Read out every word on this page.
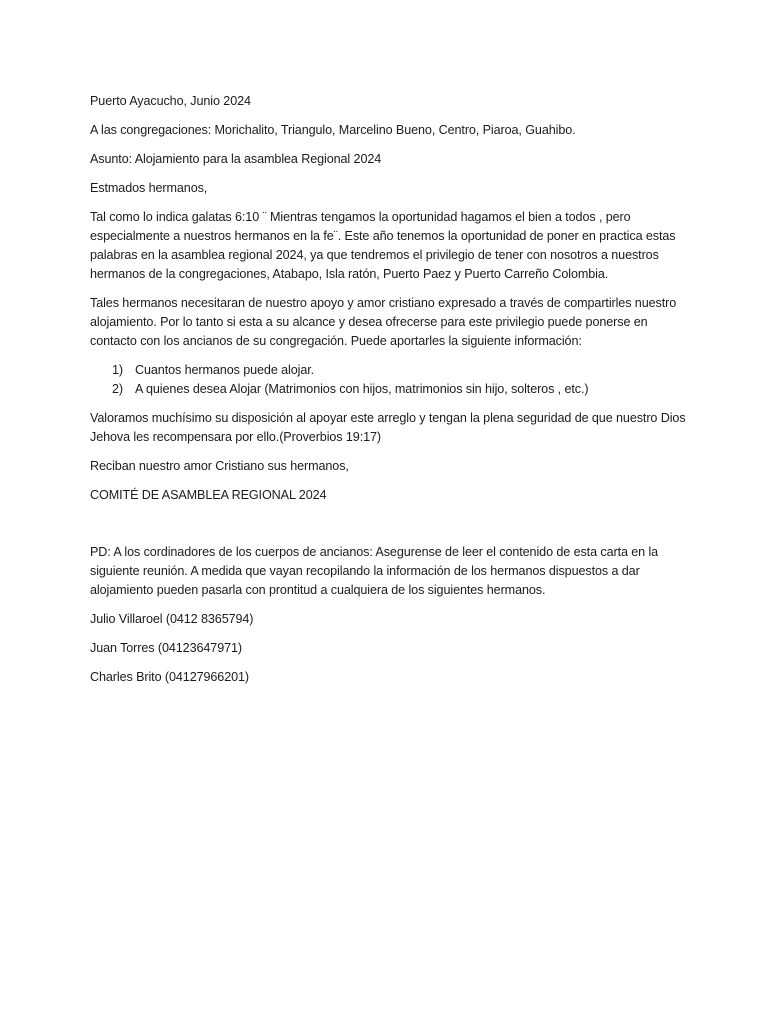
Puerto Ayacucho, Junio 2024

A las congregaciones: Morichalito, Triangulo, Marcelino Bueno, Centro, Piaroa, Guahibo.

Asunto: Alojamiento para la asamblea Regional 2024

Estmados hermanos,

Tal como lo indica galatas 6:10 ¨ Mientras tengamos la oportunidad hagamos el bien a todos , pero especialmente a nuestros hermanos en la fe¨. Este año tenemos la oportunidad de poner en practica estas palabras en la asamblea regional 2024, ya que tendremos el privilegio de tener con nosotros a nuestros hermanos de la congregaciones, Atabapo, Isla ratón, Puerto Paez y Puerto Carreño Colombia.

Tales hermanos necesitaran de nuestro apoyo y amor cristiano expresado a través de compartirles nuestro alojamiento. Por lo tanto si esta a su alcance y desea ofrecerse para este privilegio puede ponerse en contacto con los ancianos de su congregación. Puede aportarles la siguiente información:

1) Cuantos hermanos puede alojar.
2) A quienes desea Alojar (Matrimonios con hijos, matrimonios sin hijo, solteros , etc.)

Valoramos muchísimo su disposición al apoyar este arreglo y tengan la plena seguridad de que nuestro Dios Jehova les recompensara por ello.(Proverbios 19:17)

Reciban nuestro amor Cristiano sus hermanos,

COMITÉ DE ASAMBLEA REGIONAL 2024

PD: A los cordinadores de los cuerpos de ancianos: Asegurense de leer el contenido de esta carta en la siguiente reunión. A medida que vayan recopilando la información de los hermanos dispuestos a dar alojamiento pueden pasarla con prontitud a cualquiera de los siguientes hermanos.

Julio Villaroel (0412 8365794)

Juan Torres (04123647971)

Charles Brito (04127966201)
